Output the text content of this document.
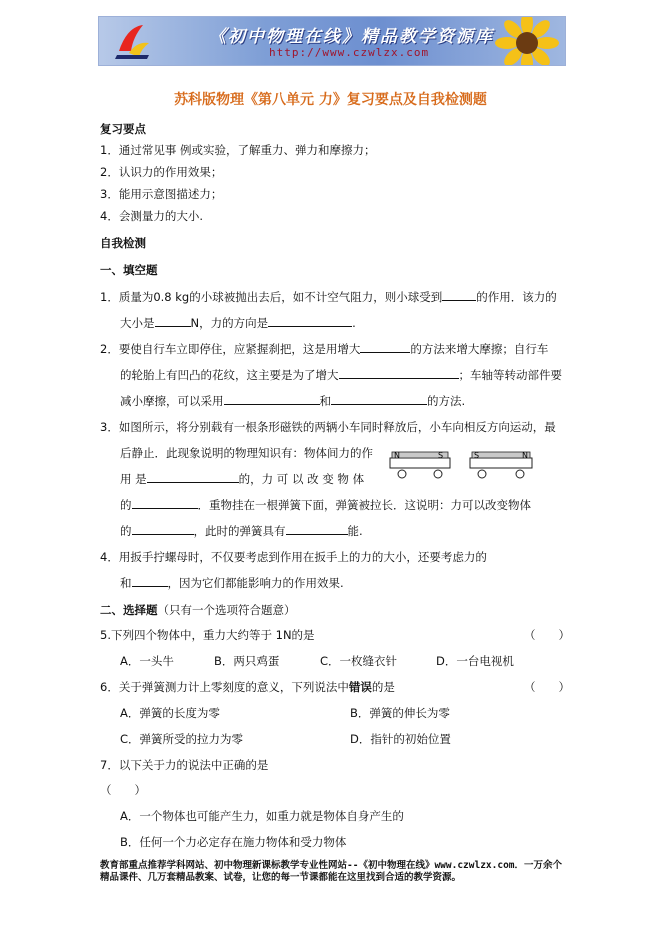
《初中物理在线》精品教学资源库
http://www.czwlzx.com
苏科版物理《第八单元 力》复习要点及自我检测题
复习要点
1．通过常见事 例或实验，了解重力、弹力和摩擦力；
2．认识力的作用效果；
3．能用示意图描述力；
4．会测量力的大小.
自我检测
一、填空题
1．质量为0.8 kg的小球被抛出去后，如不计空气阻力，则小球受到	的作用．该力的
大小是	N，力的方向是	.
2．要使自行车立即停住，应紧握刹把，这是用增大	的方法来增大摩擦；自行车
的轮胎上有凹凸的花纹，这主要是为了增大	；车轴等转动部件要
减小摩擦，可以采用	和	的方法.
3．如图所示，将分别载有一根条形磁铁的两辆小车同时释放后，小车向相反方向运动，最
后静止．此现象说明的物理知识有：物体间力的作
用 是	的，力 可 以 改 变 物 体
的	．重物挂在一根弹簧下面，弹簧被拉长．这说明：力可以改变物体
的	，此时的弹簧具有	能.
N	S	S	N
4．用扳手拧螺母时，不仅要考虑到作用在扳手上的力的大小，还要考虑力的
和	，因为它们都能影响力的作用效果.
二、选择题（只有一个选项符合题意）
5.下列四个物体中，重力大约等于 1N的是	（　　）
A．一头牛	B．两只鸡蛋	C．一枚缝衣针	D．一台电视机
6．关于弹簧测力计上零刻度的意义，下列说法中错误的是	（　　）
A．弹簧的长度为零	B．弹簧的伸长为零
C．弹簧所受的拉力为零	D．指针的初始位置
7．以下关于力的说法中正确的是
（　　）
A．一个物体也可能产生力，如重力就是物体自身产生的
B．任何一个力必定存在施力物体和受力物体
教育部重点推荐学科网站、初中物理新课标教学专业性网站--《初中物理在线》www.czwlzx.com．一万余个精品课件、几万套精品教案、试卷，让您的每一节课都能在这里找到合适的教学资源。
